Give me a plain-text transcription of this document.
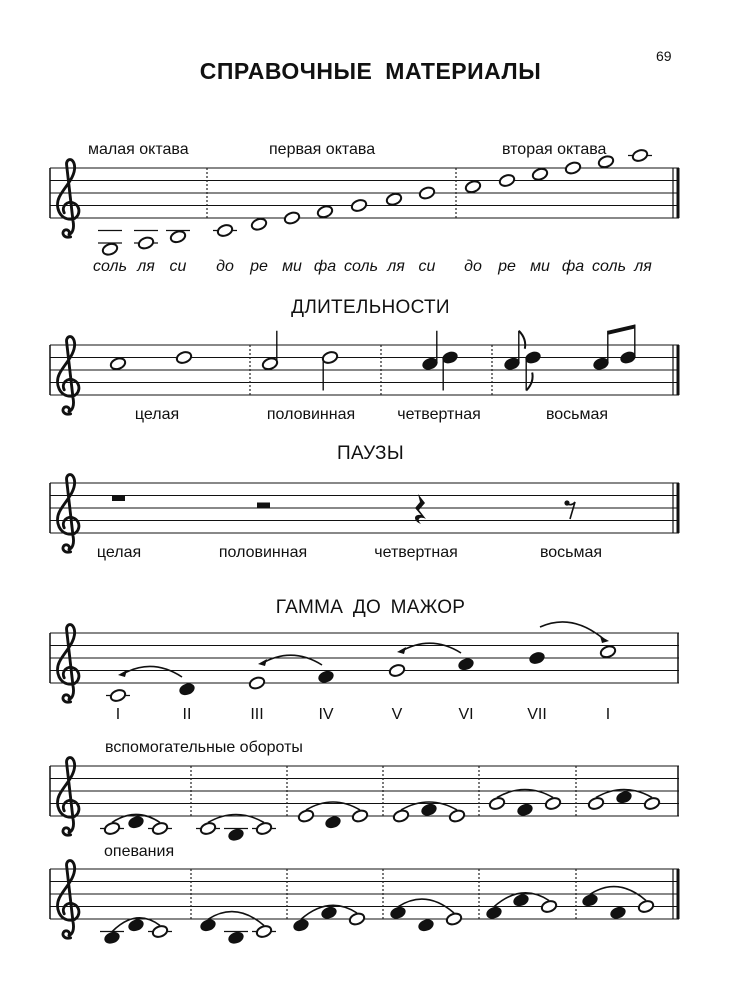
69
СПРАВОЧНЫЕ МАТЕРИАЛЫ
малая октава	первая октава	вторая октава
соль ля си до ре ми фа соль ля си до ре ми фа соль ля
ДЛИТЕЛЬНОСТИ
целая	половинная	четвертная	восьмая
ПАУЗЫ
целая	половинная	четвертная	восьмая
ГАММА ДО МАЖОР
I	II	III	IV	V	VI	VII	I
вспомогательные обороты
опевания
